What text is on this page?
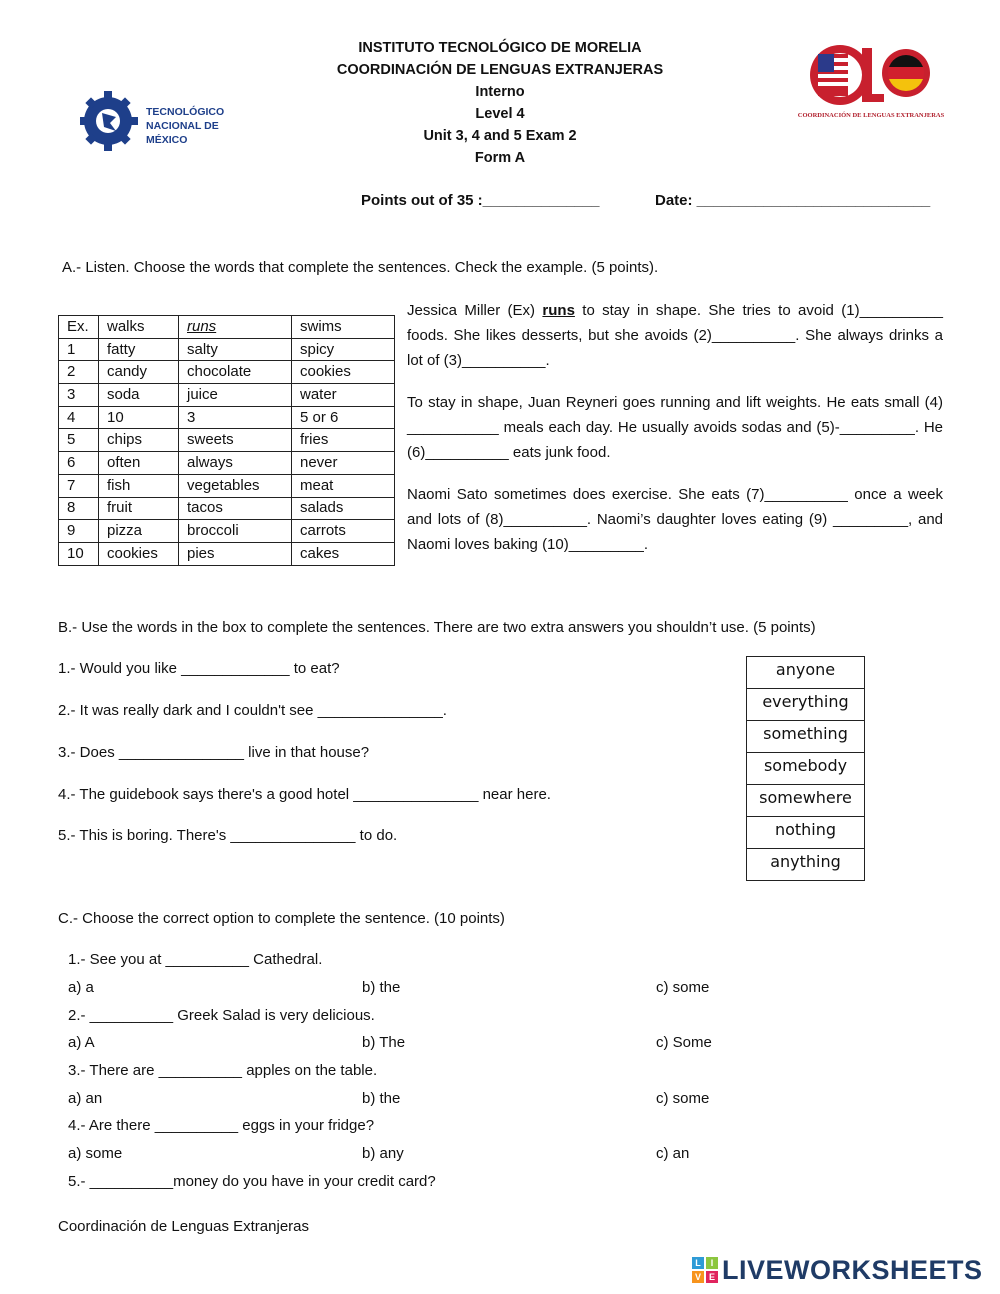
INSTITUTO TECNOLÓGICO DE MORELIA
COORDINACIÓN DE LENGUAS EXTRANJERAS
Interno
Level 4
Unit 3, 4 and 5 Exam 2
Form A
TECNOLÓGICO
NACIONAL DE MÉXICO
COORDINACIÓN DE LENGUAS EXTRANJERAS
Points out of 35 :______________	Date: ____________________________
A.- Listen. Choose the words that complete the sentences. Check the example. (5 points).
Ex.	walks	runs	swims
1	fatty	salty	spicy
2	candy	chocolate	cookies
3	soda	juice	water
4	10	3	5 or 6
5	chips	sweets	fries
6	often	always	never
7	fish	vegetables	meat
8	fruit	tacos	salads
9	pizza	broccoli	carrots
10	cookies	pies	cakes
Jessica Miller (Ex) runs to stay in shape. She tries to avoid (1)__________ foods. She likes desserts, but she avoids (2)__________. She always drinks a lot of (3)__________.
To stay in shape, Juan Reyneri goes running and lift weights. He eats small (4) ___________ meals each day. He usually avoids sodas and (5)-_________. He (6)__________ eats junk food.
Naomi Sato sometimes does exercise. She eats (7)__________ once a week and lots of (8)__________. Naomi’s daughter loves eating (9) _________, and Naomi loves baking (10)_________.
B.- Use the words in the box to complete the sentences. There are two extra answers you shouldn’t use. (5 points)
1.- Would you like _____________ to eat?
2.- It was really dark and I couldn't see _______________.
3.- Does _______________ live in that house?
4.- The guidebook says there's a good hotel _______________ near here.
5.- This is boring. There's _______________ to do.
anyone
everything
something
somebody
somewhere
nothing
anything
C.- Choose the correct option to complete the sentence. (10 points)
1.- See you at __________ Cathedral.
a) a	b) the	c) some
2.- __________ Greek Salad is very delicious.
a) A	b) The	c) Some
3.- There are __________ apples on the table.
a) an	b) the	c) some
4.- Are there __________ eggs in your fridge?
a) some	b) any	c) an
5.- __________money do you have in your credit card?
Coordinación de Lenguas Extranjeras
L	I
V E LIVEWORKSHEETS
